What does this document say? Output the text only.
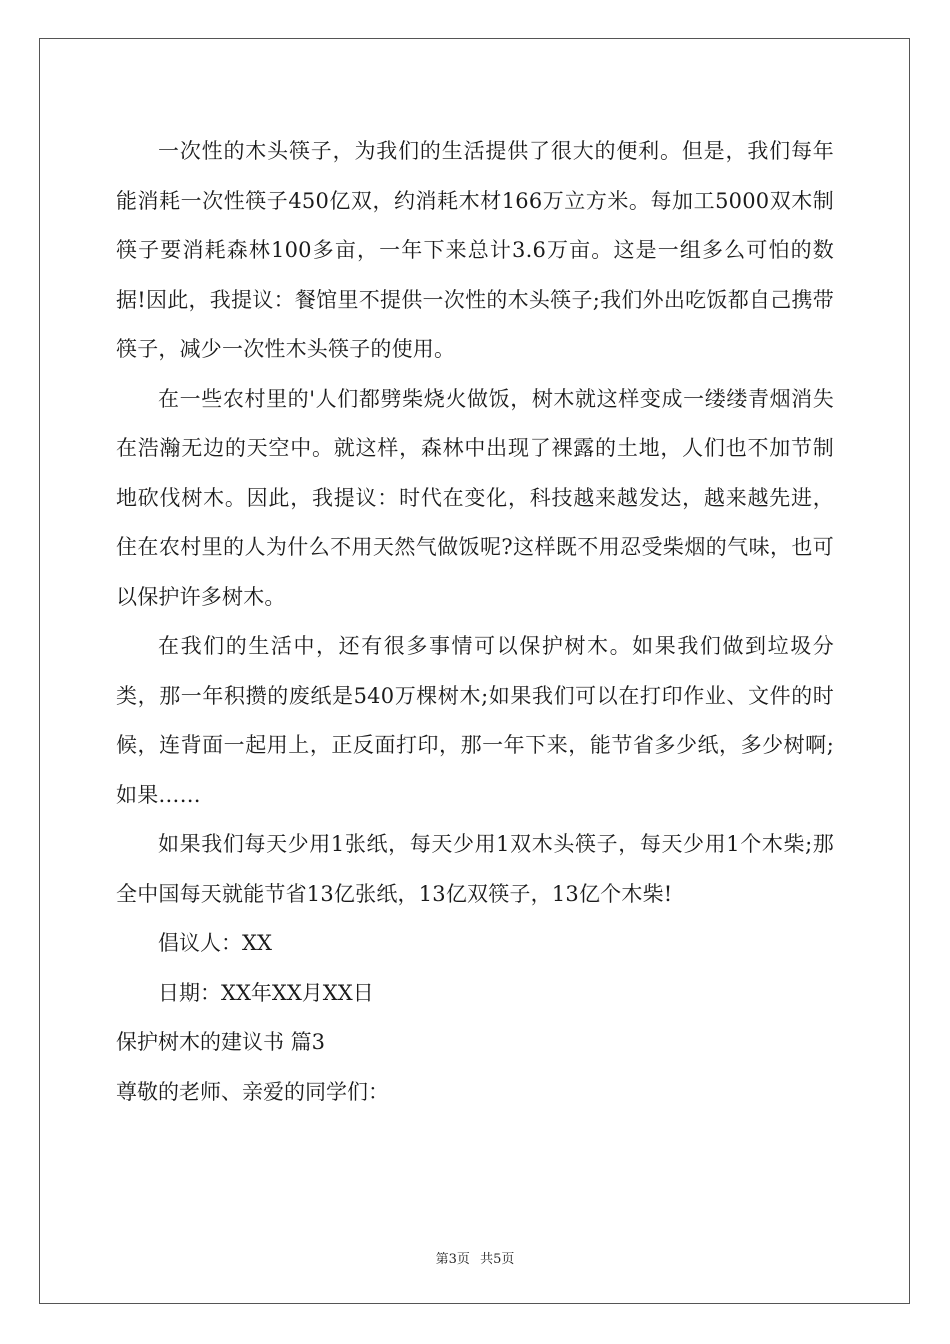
一次性的木头筷子，为我们的生活提供了很大的便利。但是，我们每年能消耗一次性筷子450亿双，约消耗木材166万立方米。每加工5000双木制筷子要消耗森林100多亩，一年下来总计3.6万亩。这是一组多么可怕的数据!因此，我提议：餐馆里不提供一次性的木头筷子;我们外出吃饭都自己携带筷子，减少一次性木头筷子的使用。

在一些农村里的'人们都劈柴烧火做饭，树木就这样变成一缕缕青烟消失在浩瀚无边的天空中。就这样，森林中出现了裸露的土地，人们也不加节制地砍伐树木。因此，我提议：时代在变化，科技越来越发达，越来越先进，住在农村里的人为什么不用天然气做饭呢?这样既不用忍受柴烟的气味，也可以保护许多树木。

在我们的生活中，还有很多事情可以保护树木。如果我们做到垃圾分类，那一年积攒的废纸是540万棵树木;如果我们可以在打印作业、文件的时候，连背面一起用上，正反面打印，那一年下来，能节省多少纸，多少树啊;如果……

如果我们每天少用1张纸，每天少用1双木头筷子，每天少用1个木柴;那全中国每天就能节省13亿张纸，13亿双筷子，13亿个木柴!

倡议人：XX

日期：XX年XX月XX日

保护树木的建议书 篇3

尊敬的老师、亲爱的同学们：

第3页 共5页
